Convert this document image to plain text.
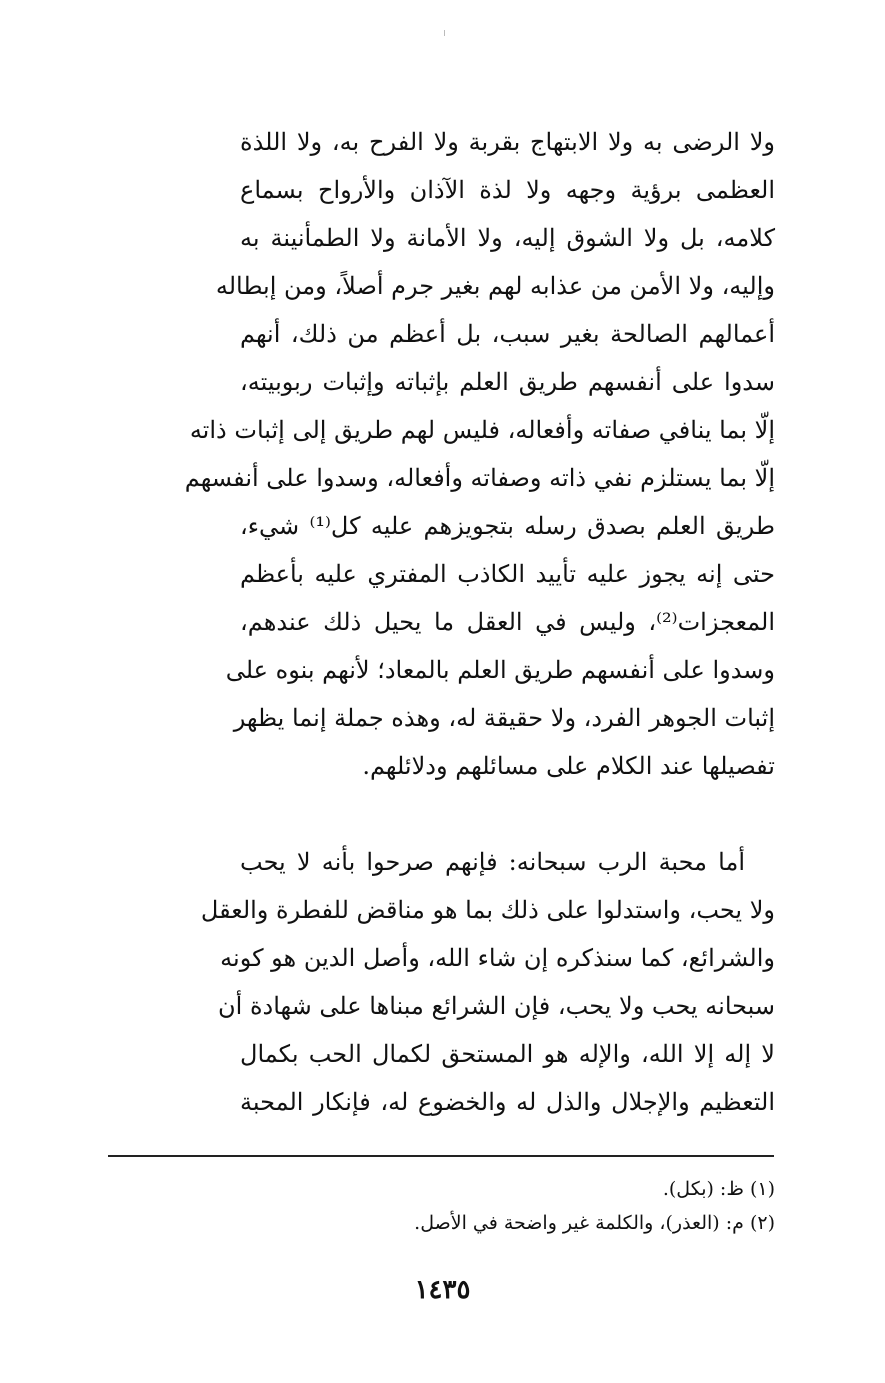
ولا الرضى به ولا الابتهاج بقربة ولا الفرح به، ولا اللذة
العظمى برؤية وجهه ولا لذة الآذان والأرواح بسماع
كلامه، بل ولا الشوق إليه، ولا الأمانة ولا الطمأنينة به
وإليه، ولا الأمن من عذابه لهم بغير جرم أصلاً، ومن إبطاله
أعمالهم الصالحة بغير سبب، بل أعظم من ذلك، أنهم
سدوا على أنفسهم طريق العلم بإثباته وإثبات ربوبيته،
إلّا بما ينافي صفاته وأفعاله، فليس لهم طريق إلى إثبات ذاته
إلّا بما يستلزم نفي ذاته وصفاته وأفعاله، وسدوا على أنفسهم
طريق العلم بصدق رسله بتجويزهم عليه كل⁽¹⁾ شيء،
حتى إنه يجوز عليه تأييد الكاذب المفتري عليه بأعظم
المعجزات⁽²⁾، وليس في العقل ما يحيل ذلك عندهم،
وسدوا على أنفسهم طريق العلم بالمعاد؛ لأنهم بنوه على
إثبات الجوهر الفرد، ولا حقيقة له، وهذه جملة إنما يظهر
تفصيلها عند الكلام على مسائلهم ودلائلهم.
أما محبة الرب سبحانه: فإنهم صرحوا بأنه لا يحب
ولا يحب، واستدلوا على ذلك بما هو مناقض للفطرة والعقل
والشرائع، كما سنذكره إن شاء الله، وأصل الدين هو كونه
سبحانه يحب ولا يحب، فإن الشرائع مبناها على شهادة أن
لا إله إلا الله، والإله هو المستحق لكمال الحب بكمال
التعظيم والإجلال والذل له والخضوع له، فإنكار المحبة
(١) ظ: (بكل).
(٢) م: (العذر)، والكلمة غير واضحة في الأصل.
١٤٣٥
